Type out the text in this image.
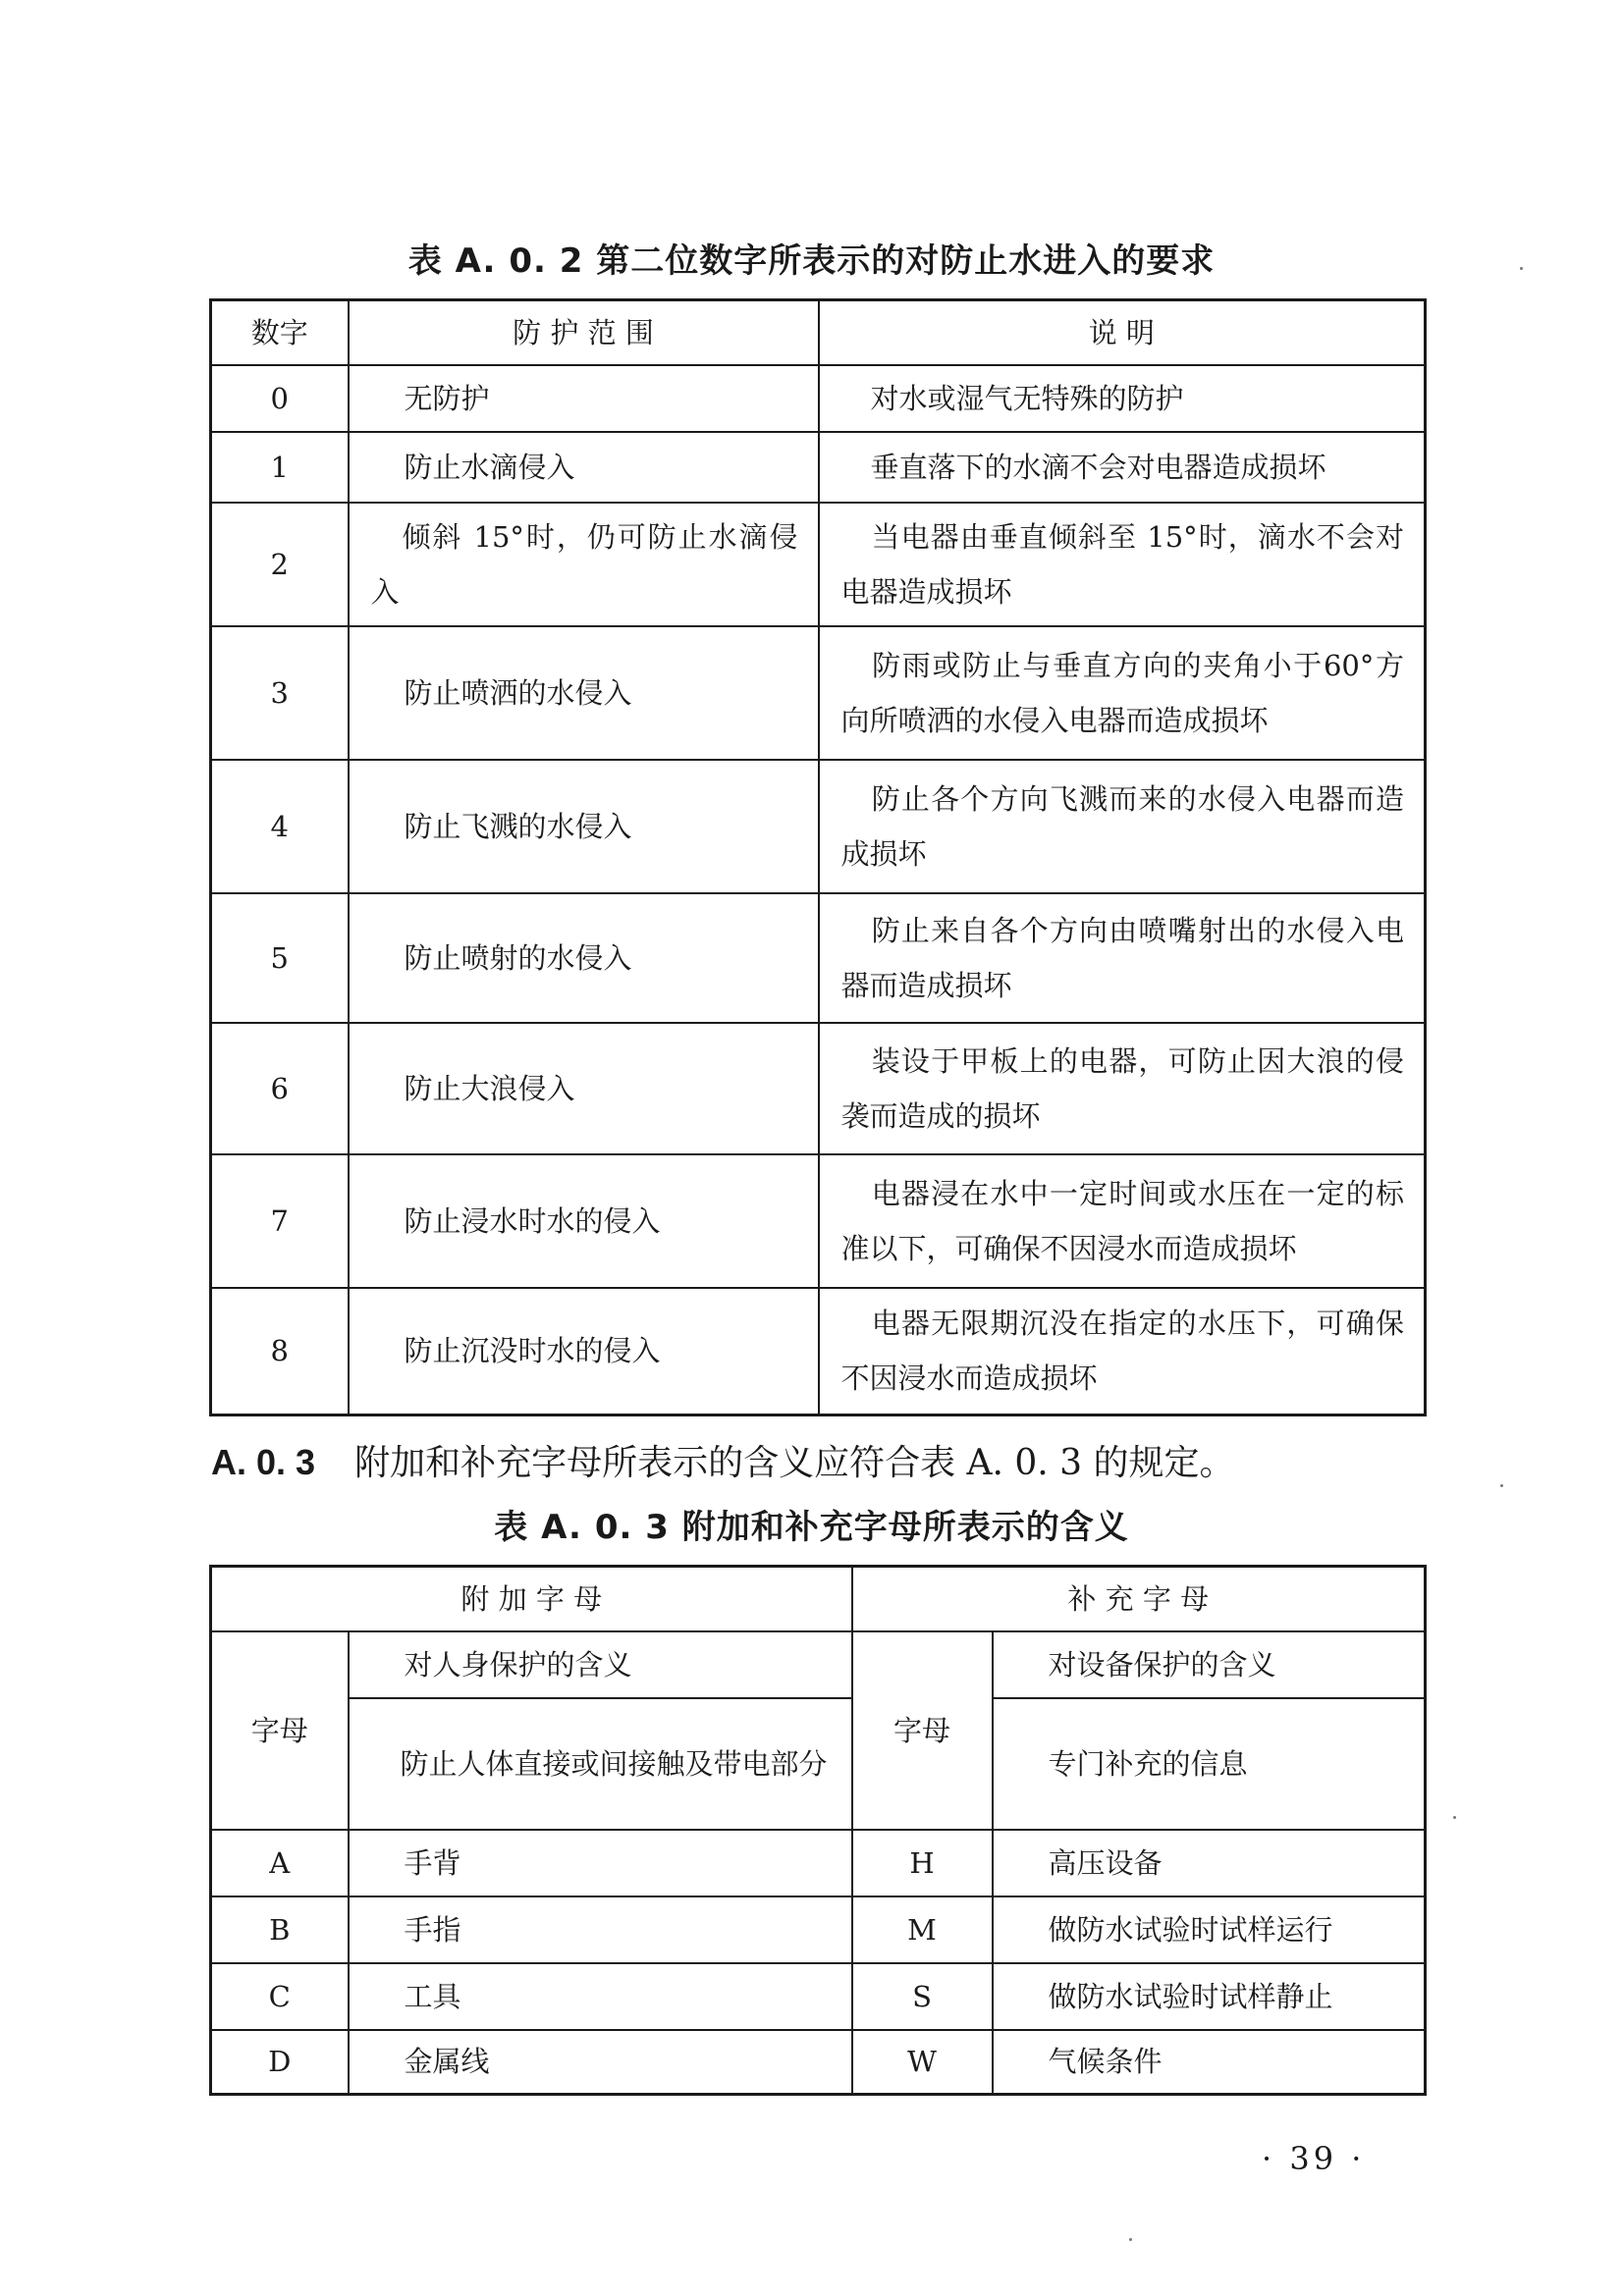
表 A. 0. 2 第二位数字所表示的对防止水进入的要求
数字	防 护 范 围	说 明
0	无防护	对水或湿气无特殊的防护
1	防止水滴侵入	垂直落下的水滴不会对电器造成损坏
2	倾斜 15°时，仍可防止水滴侵入	当电器由垂直倾斜至 15°时，滴水不会对电器造成损坏
3	防止喷洒的水侵入	防雨或防止与垂直方向的夹角小于60°方向所喷洒的水侵入电器而造成损坏
4	防止飞溅的水侵入	防止各个方向飞溅而来的水侵入电器而造成损坏
5	防止喷射的水侵入	防止来自各个方向由喷嘴射出的水侵入电器而造成损坏
6	防止大浪侵入	装设于甲板上的电器，可防止因大浪的侵袭而造成的损坏
7	防止浸水时水的侵入	电器浸在水中一定时间或水压在一定的标准以下，可确保不因浸水而造成损坏
8	防止沉没时水的侵入	电器无限期沉没在指定的水压下，可确保不因浸水而造成损坏
A. 0. 3 附加和补充字母所表示的含义应符合表 A. 0. 3 的规定。
表 A. 0. 3 附加和补充字母所表示的含义
附 加 字 母		补 充 字 母	
字母	对人身保护的含义	字母	对设备保护的含义
	防止人体直接或间接触及带电部分		专门补充的信息
A	手背	H	高压设备
B	手指	M	做防水试验时试样运行
C	工具	S	做防水试验时试样静止
D	金属线	W	气候条件
· 39 ·
